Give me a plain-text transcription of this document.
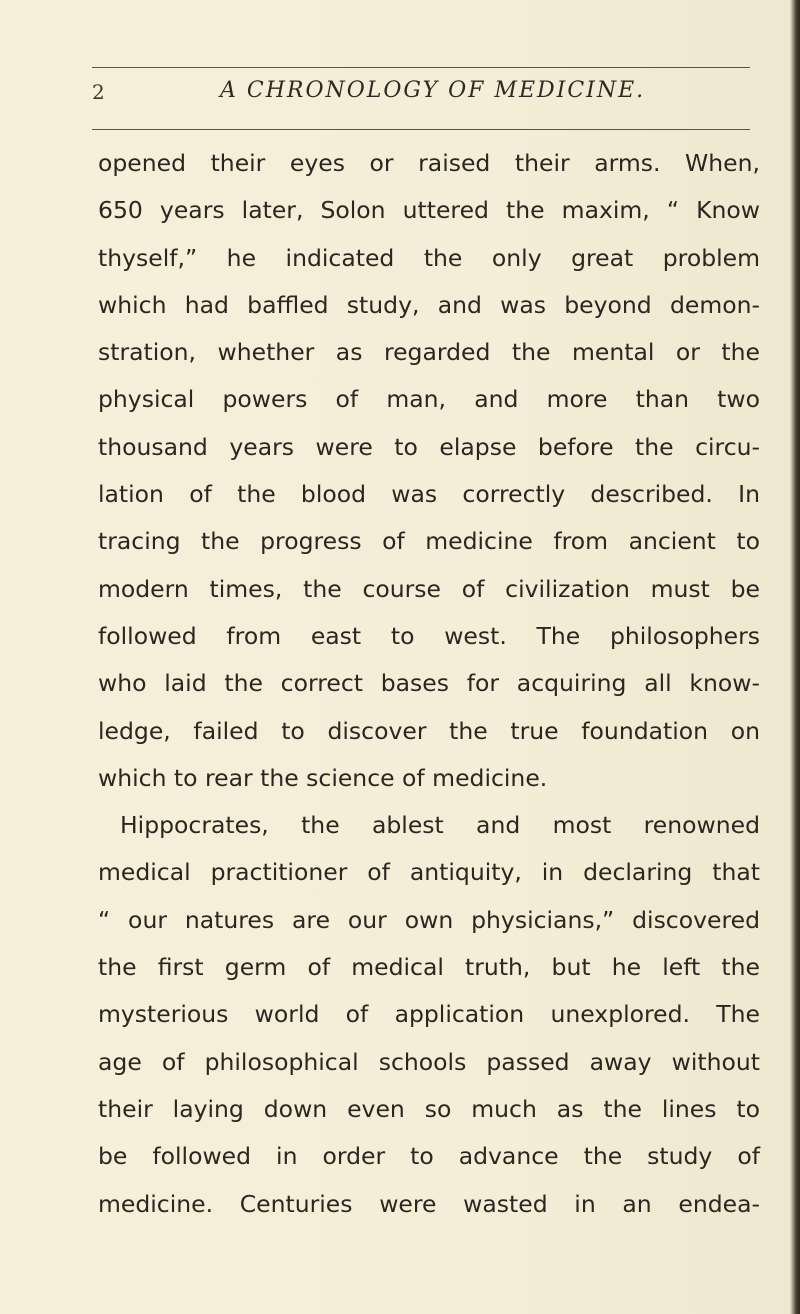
2	A CHRONOLOGY OF MEDICINE.
opened their eyes or raised their arms. When,
650 years later, Solon uttered the maxim, “ Know
thyself,” he indicated the only great problem
which had baffled study, and was beyond demon-
stration, whether as regarded the mental or the
physical powers of man, and more than two
thousand years were to elapse before the circu-
lation of the blood was correctly described. In
tracing the progress of medicine from ancient to
modern times, the course of civilization must be
followed from east to west. The philosophers
who laid the correct bases for acquiring all know-
ledge, failed to discover the true foundation on
which to rear the science of medicine.
Hippocrates, the ablest and most renowned
medical practitioner of antiquity, in declaring that
“ our natures are our own physicians,” discovered
the first germ of medical truth, but he left the
mysterious world of application unexplored. The
age of philosophical schools passed away without
their laying down even so much as the lines to
be followed in order to advance the study of
medicine. Centuries were wasted in an endea-
